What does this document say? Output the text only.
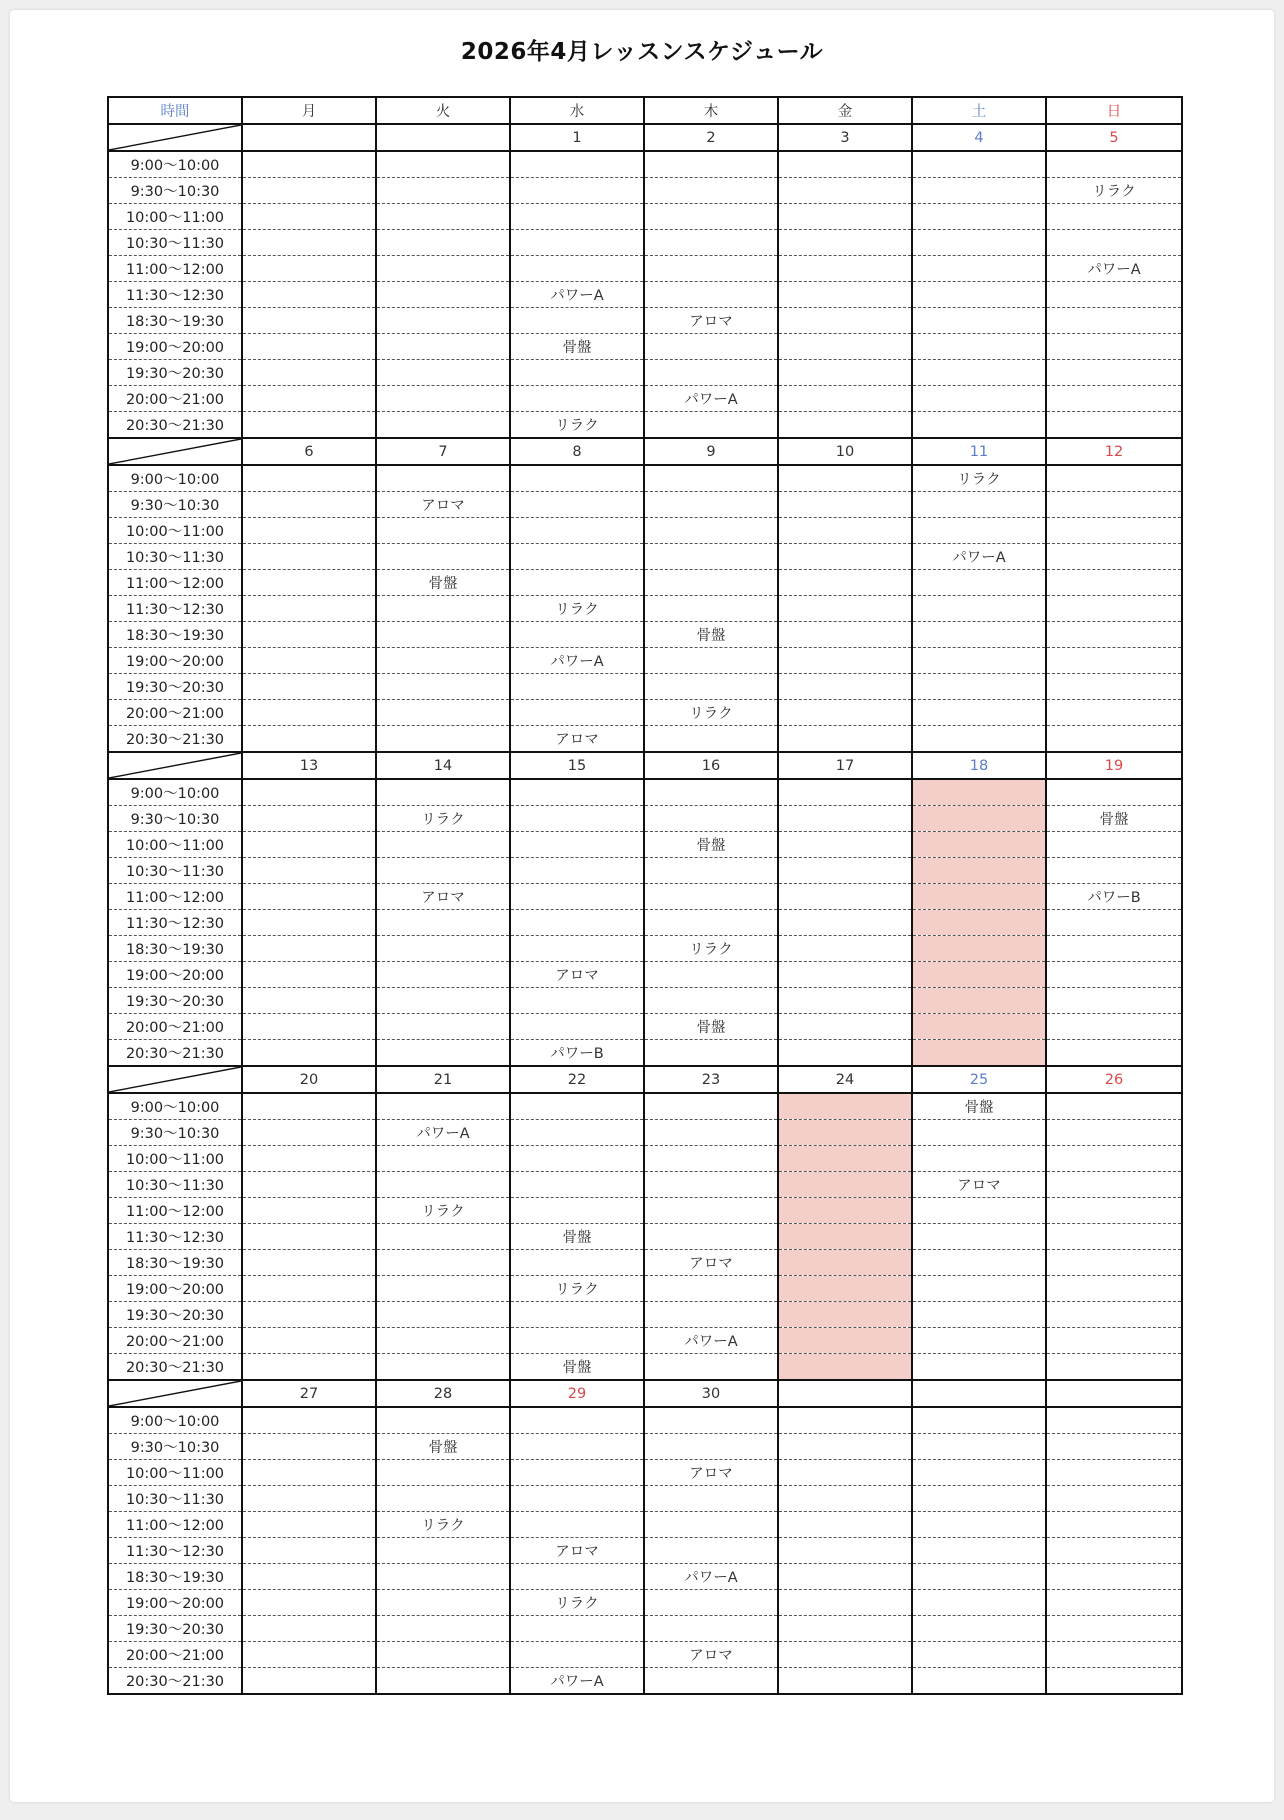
2026年4月レッスンスケジュール
時間	月	火	水	木	金	土	日

			1	2	3	4	5
9:00〜10:00							
9:30〜10:30							リラク
10:00〜11:00							
10:30〜11:30							
11:00〜12:00							パワーA
11:30〜12:30			パワーA				
18:30〜19:30				アロマ			
19:00〜20:00			骨盤				
19:30〜20:30							
20:00〜21:00				パワーA			
20:30〜21:30			リラク				

	6	7	8	9	10	11	12
9:00〜10:00						リラク	
9:30〜10:30		アロマ					
10:00〜11:00							
10:30〜11:30						パワーA	
11:00〜12:00		骨盤					
11:30〜12:30			リラク				
18:30〜19:30				骨盤			
19:00〜20:00			パワーA				
19:30〜20:30							
20:00〜21:00				リラク			
20:30〜21:30			アロマ				

	13	14	15	16	17	18	19
9:00〜10:00							
9:30〜10:30		リラク					骨盤
10:00〜11:00				骨盤			
10:30〜11:30							
11:00〜12:00		アロマ					パワーB
11:30〜12:30							
18:30〜19:30				リラク			
19:00〜20:00			アロマ				
19:30〜20:30							
20:00〜21:00				骨盤			
20:30〜21:30			パワーB				

	20	21	22	23	24	25	26
9:00〜10:00						骨盤	
9:30〜10:30		パワーA					
10:00〜11:00							
10:30〜11:30						アロマ	
11:00〜12:00		リラク					
11:30〜12:30			骨盤				
18:30〜19:30				アロマ			
19:00〜20:00			リラク				
19:30〜20:30							
20:00〜21:00				パワーA			
20:30〜21:30			骨盤				

	27	28	29	30			
9:00〜10:00							
9:30〜10:30		骨盤					
10:00〜11:00				アロマ			
10:30〜11:30							
11:00〜12:00		リラク					
11:30〜12:30			アロマ				
18:30〜19:30				パワーA			
19:00〜20:00			リラク				
19:30〜20:30							
20:00〜21:00				アロマ			
20:30〜21:30			パワーA				
